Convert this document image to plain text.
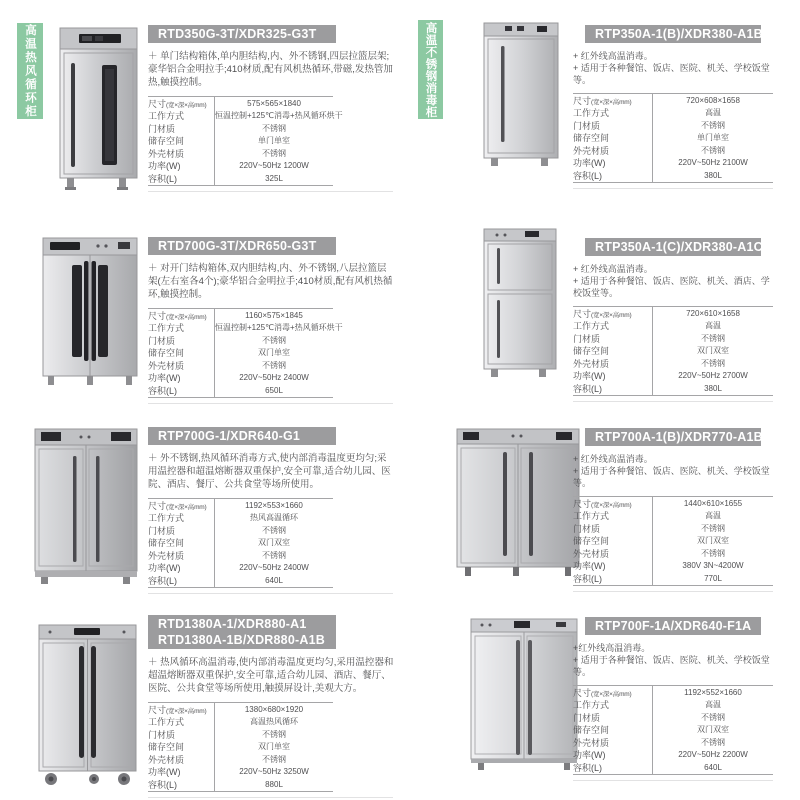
高温热风循环柜	高温不锈钢消毒柜
RTD350G-3T/XDR325-G3T

＋ 单门结构箱体,单内胆结构,内、外不锈钢,四层拉篮层架;豪华铝合金明拉手;410材质,配有风机热循环,带磁,发热管加热,触摸控制。

尺寸(宽×深×高mm)	575×565×1840
工作方式	恒温控制+125℃消毒+热风循环烘干
门材质	不锈钢
储存空间	单门单室
外壳材质	不锈钢
功率(W)	220V~50Hz 1200W
容积(L)	325L
RTD700G-3T/XDR650-G3T

＋ 对开门结构箱体,双内胆结构,内、外不锈钢,八层拉篮层架(左右室各4个);豪华铝合金明拉手;410材质,配有风机热循环,触摸控制。

尺寸(宽×深×高mm)	1160×575×1845
工作方式	恒温控制+125℃消毒+热风循环烘干
门材质	不锈钢
储存空间	双门单室
外壳材质	不锈钢
功率(W)	220V~50Hz 2400W
容积(L)	650L
RTP700G-1/XDR640-G1

＋ 外不锈钢,热风循环消毒方式,使内部消毒温度更均匀;采用温控器和超温熔断器双重保护,安全可靠,适合幼儿园、医院、酒店、餐厅、公共食堂等场所使用。

尺寸(宽×深×高mm)	1192×553×1660
工作方式	热风高温循环
门材质	不锈钢
储存空间	双门双室
外壳材质	不锈钢
功率(W)	220V~50Hz 2400W
容积(L)	640L
RTD1380A-1/XDR880-A1
RTD1380A-1B/XDR880-A1B

＋ 热风循环高温消毒,使内部消毒温度更均匀,采用温控器和超温熔断器双重保护,安全可靠,适合幼儿园、酒店、餐厅、医院、公共食堂等场所使用,触摸屏设计,美观大方。

尺寸(宽×深×高mm)	1380×680×1920
工作方式	高温热风循环
门材质	不锈钢
储存空间	双门单室
外壳材质	不锈钢
功率(W)	220V~50Hz 3250W
容积(L)	880L
RTP350A-1(B)/XDR380-A1B

+ 红外线高温消毒。

+ 适用于各种餐馆、饭店、医院、机关、学校饭堂等。

尺寸(宽×深×高mm)	720×608×1658
工作方式	高温
门材质	不锈钢
储存空间	单门单室
外壳材质	不锈钢
功率(W)	220V~50Hz 2100W
容积(L)	380L
RTP350A-1(C)/XDR380-A1C

+ 红外线高温消毒。

+ 适用于各种餐馆、饭店、医院、机关、酒店、学校饭堂等。

尺寸(宽×深×高mm)	720×610×1658
工作方式	高温
门材质	不锈钢
储存空间	双门双室
外壳材质	不锈钢
功率(W)	220V~50Hz 2700W
容积(L)	380L
RTP700A-1(B)/XDR770-A1B

+ 红外线高温消毒。

+ 适用于各种餐馆、饭店、医院、机关、学校饭堂等。

尺寸(宽×深×高mm)	1440×610×1655
工作方式	高温
门材质	不锈钢
储存空间	双门双室
外壳材质	不锈钢
功率(W)	380V 3N~4200W
容积(L)	770L
RTP700F-1A/XDR640-F1A

+红外线高温消毒。

+ 适用于各种餐馆、饭店、医院、机关、学校饭堂等。

尺寸(宽×深×高mm)	1192×552×1660
工作方式	高温
门材质	不锈钢
储存空间	双门双室
外壳材质	不锈钢
功率(W)	220V~50Hz 2200W
容积(L)	640L
